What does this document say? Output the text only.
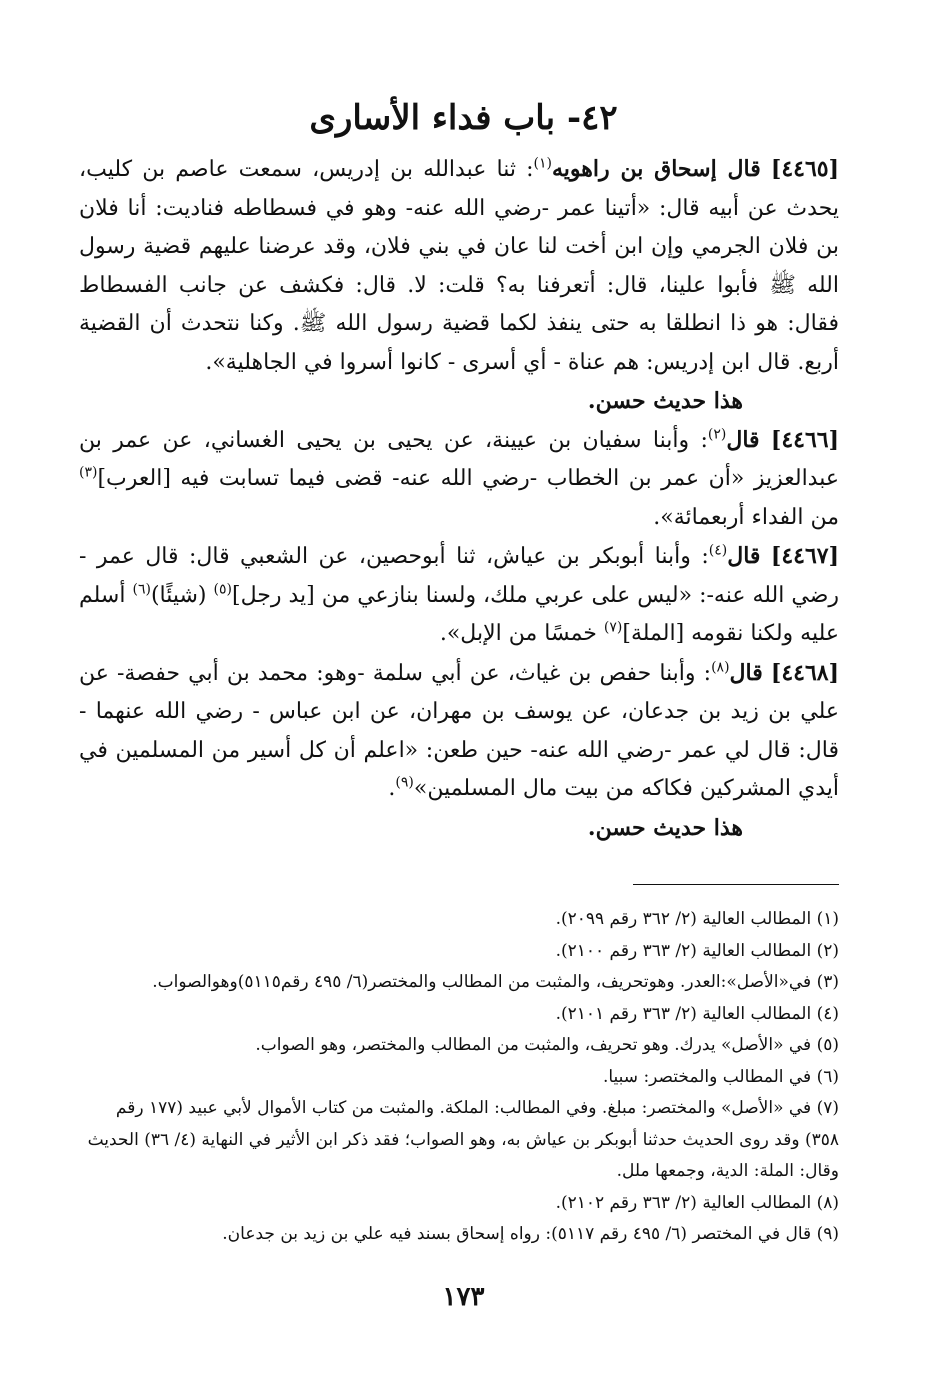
٤٢- باب فداء الأسارى

[٤٤٦٥] قال إسحاق بن راهويه$^{(١)}$: ثنا عبدالله بن إدريس، سمعت عاصم بن كليب، يحدث عن أبيه قال: «أتينا عمر -رضي الله عنه- وهو في فسطاطه فناديت: أنا فلان بن فلان الجرمي وإن ابن أخت لنا عان في بني فلان، وقد عرضنا عليهم قضية رسول الله ﷺ فأبوا علينا، قال: أتعرفنا به؟ قلت: لا. قال: فكشف عن جانب الفسطاط فقال: هو ذا انطلقا به حتى ينفذ لكما قضية رسول الله ﷺ. وكنا نتحدث أن القضية أربع. قال ابن إدريس: هم عناة - أي أسرى - كانوا أسروا في الجاهلية».

هذا حديث حسن.

[٤٤٦٦] قال$^{(٢)}$: وأبنا سفيان بن عيينة، عن يحيى بن يحيى الغساني، عن عمر بن عبدالعزيز «أن عمر بن الخطاب -رضي الله عنه- قضى فيما تسابت فيه [العرب]$^{(٣)}$ من الفداء أربعمائة».

[٤٤٦٧] قال$^{(٤)}$: وأبنا أبوبكر بن عياش، ثنا أبوحصين، عن الشعبي قال: قال عمر - رضي الله عنه-: «ليس على عربي ملك، ولسنا بنازعي من [يد رجل]$^{(٥)}$ (شيئًا)$^{(٦)}$ أسلم عليه ولكنا نقومه [الملة]$^{(٧)}$ خمسًا من الإبل».

[٤٤٦٨] قال$^{(٨)}$: وأبنا حفص بن غياث، عن أبي سلمة -وهو: محمد بن أبي حفصة- عن علي بن زيد بن جدعان، عن يوسف بن مهران، عن ابن عباس - رضي الله عنهما - قال: قال لي عمر -رضي الله عنه- حين طعن: «اعلم أن كل أسير من المسلمين في أيدي المشركين فكاكه من بيت مال المسلمين»$^{(٩)}$.

هذا حديث حسن.

(١) المطالب العالية (٢/ ٣٦٢ رقم ٢٠٩٩).

(٢) المطالب العالية (٢/ ٣٦٣ رقم ٢١٠٠).

(٣) في«الأصل»:العدر. وهوتحريف، والمثبت من المطالب والمختصر(٦/ ٤٩٥ رقم٥١١٥)وهوالصواب.

(٤) المطالب العالية (٢/ ٣٦٣ رقم ٢١٠١).

(٥) في «الأصل» يدرك. وهو تحريف، والمثبت من المطالب والمختصر، وهو الصواب.

(٦) في المطالب والمختصر: سبيا.

(٧) في «الأصل» والمختصر: مبلغ. وفي المطالب: الملكة. والمثبت من كتاب الأموال لأبي عبيد (١٧٧ رقم ٣٥٨) وقد روى الحديث حدثنا أبوبكر بن عياش به، وهو الصواب؛ فقد ذكر ابن الأثير في النهاية (٤/ ٣٦) الحديث وقال: الملة: الدية، وجمعها ملل.

(٨) المطالب العالية (٢/ ٣٦٣ رقم ٢١٠٢).

(٩) قال في المختصر (٦/ ٤٩٥ رقم ٥١١٧): رواه إسحاق بسند فيه علي بن زيد بن جدعان.

١٧٣
